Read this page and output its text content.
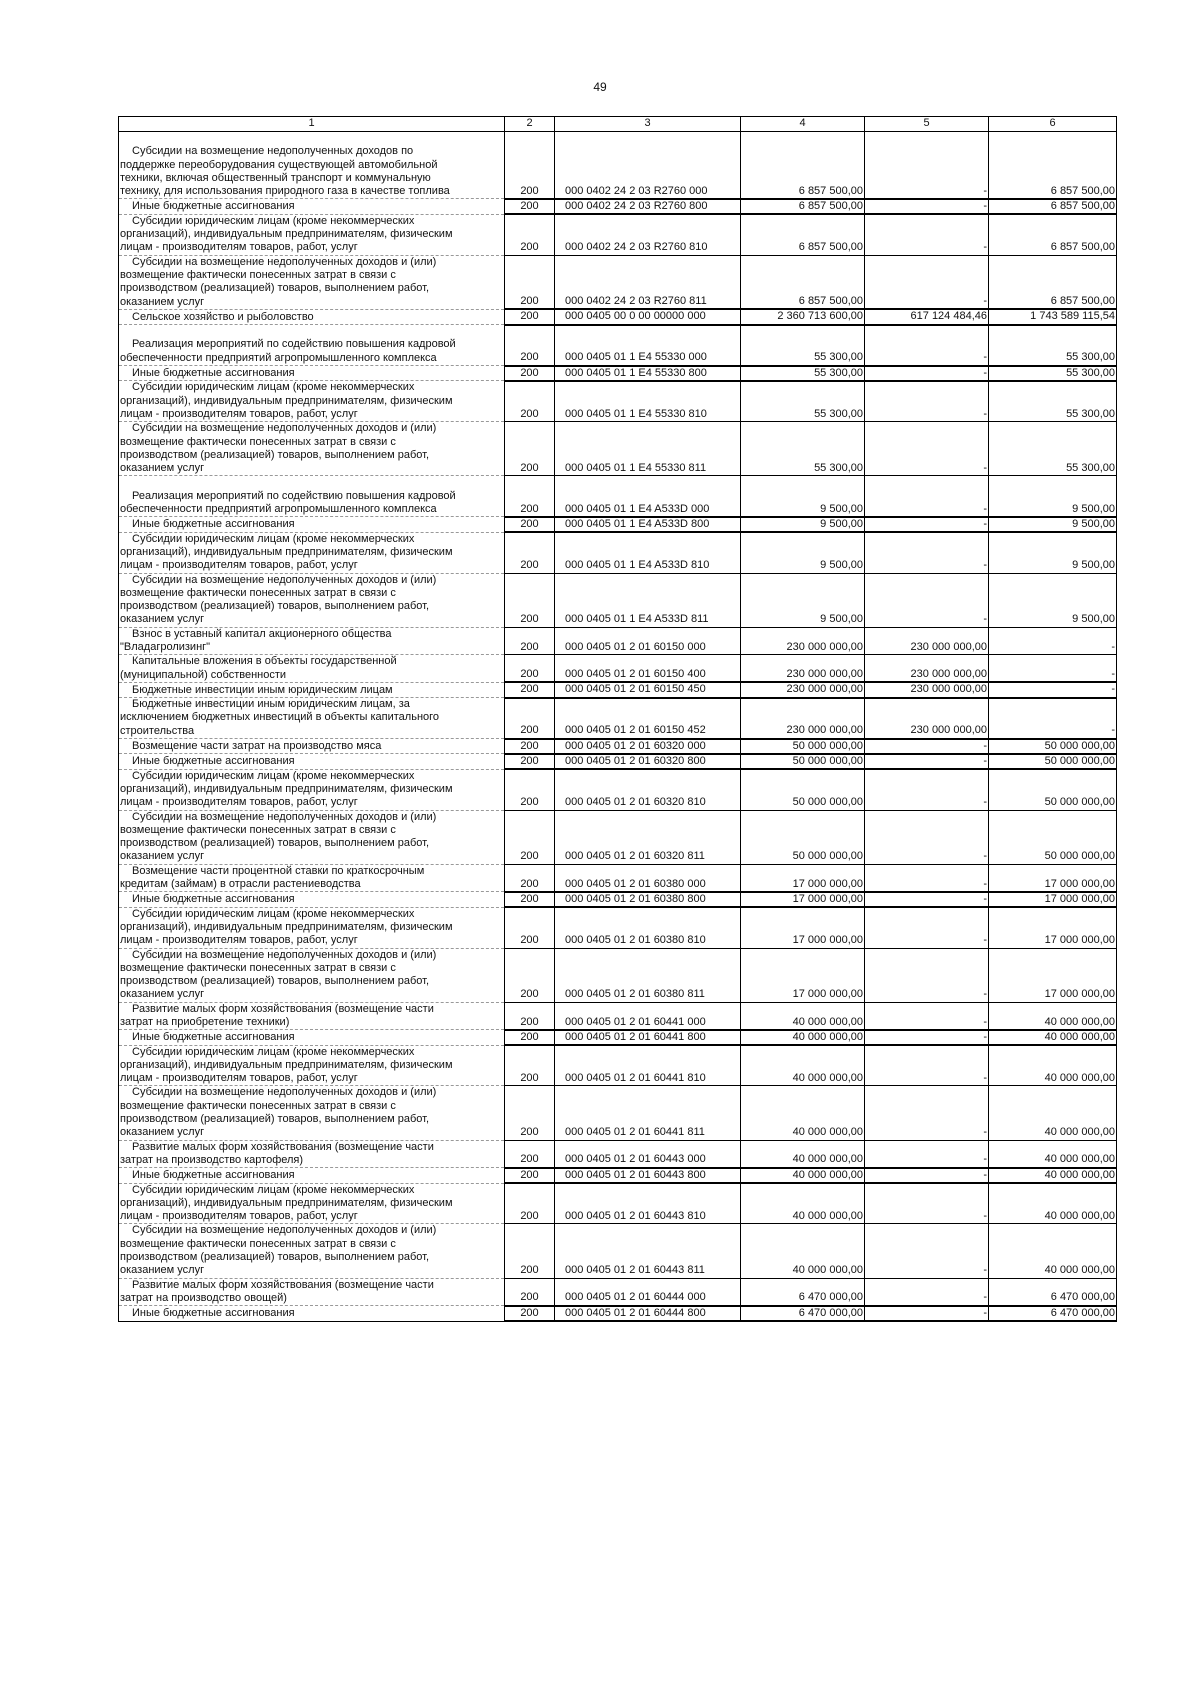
49
1	2	3	4	5	6

Субсидии на возмещение недополученных доходов по
поддержке переоборудования существующей автомобильной
техники, включая общественный транспорт и коммунальную
технику, для использования природного газа в качестве топлива	200	000 0402 24 2 03 R2760 000	6 857 500,00	-	6 857 500,00

Иные бюджетные ассигнования	200	000 0402 24 2 03 R2760 800	6 857 500,00	-	6 857 500,00

Субсидии юридическим лицам (кроме некоммерческих
организаций), индивидуальным предпринимателям, физическим
лицам - производителям товаров, работ, услуг	200	000 0402 24 2 03 R2760 810	6 857 500,00	-	6 857 500,00

Субсидии на возмещение недополученных доходов и (или)
возмещение фактически понесенных затрат в связи с
производством (реализацией) товаров, выполнением работ,
оказанием услуг	200	000 0402 24 2 03 R2760 811	6 857 500,00	-	6 857 500,00

Сельское хозяйство и рыболовство	200	000 0405 00 0 00 00000 000	2 360 713 600,00	617 124 484,46	1 743 589 115,54

Реализация мероприятий по содействию повышения кадровой
обеспеченности предприятий агропромышленного комплекса	200	000 0405 01 1 E4 55330 000	55 300,00	-	55 300,00

Иные бюджетные ассигнования	200	000 0405 01 1 E4 55330 800	55 300,00	-	55 300,00

Субсидии юридическим лицам (кроме некоммерческих
организаций), индивидуальным предпринимателям, физическим
лицам - производителям товаров, работ, услуг	200	000 0405 01 1 E4 55330 810	55 300,00	-	55 300,00

Субсидии на возмещение недополученных доходов и (или)
возмещение фактически понесенных затрат в связи с
производством (реализацией) товаров, выполнением работ,
оказанием услуг	200	000 0405 01 1 E4 55330 811	55 300,00	-	55 300,00

Реализация мероприятий по содействию повышения кадровой
обеспеченности предприятий агропромышленного комплекса	200	000 0405 01 1 E4 A533D 000	9 500,00	-	9 500,00

Иные бюджетные ассигнования	200	000 0405 01 1 E4 A533D 800	9 500,00	-	9 500,00

Субсидии юридическим лицам (кроме некоммерческих
организаций), индивидуальным предпринимателям, физическим
лицам - производителям товаров, работ, услуг	200	000 0405 01 1 E4 A533D 810	9 500,00	-	9 500,00

Субсидии на возмещение недополученных доходов и (или)
возмещение фактически понесенных затрат в связи с
производством (реализацией) товаров, выполнением работ,
оказанием услуг	200	000 0405 01 1 E4 A533D 811	9 500,00	-	9 500,00

Взнос в уставный капитал акционерного общества
"Владагролизинг"	200	000 0405 01 2 01 60150 000	230 000 000,00	230 000 000,00	-

Капитальные вложения в объекты государственной
(муниципальной) собственности	200	000 0405 01 2 01 60150 400	230 000 000,00	230 000 000,00	-

Бюджетные инвестиции иным юридическим лицам	200	000 0405 01 2 01 60150 450	230 000 000,00	230 000 000,00	-

Бюджетные инвестиции иным юридическим лицам, за
исключением бюджетных инвестиций в объекты капитального
строительства	200	000 0405 01 2 01 60150 452	230 000 000,00	230 000 000,00	-

Возмещение части затрат на производство мяса	200	000 0405 01 2 01 60320 000	50 000 000,00	-	50 000 000,00

Иные бюджетные ассигнования	200	000 0405 01 2 01 60320 800	50 000 000,00	-	50 000 000,00

Субсидии юридическим лицам (кроме некоммерческих
организаций), индивидуальным предпринимателям, физическим
лицам - производителям товаров, работ, услуг	200	000 0405 01 2 01 60320 810	50 000 000,00	-	50 000 000,00

Субсидии на возмещение недополученных доходов и (или)
возмещение фактически понесенных затрат в связи с
производством (реализацией) товаров, выполнением работ,
оказанием услуг	200	000 0405 01 2 01 60320 811	50 000 000,00	-	50 000 000,00

Возмещение части процентной ставки по краткосрочным
кредитам (займам) в отрасли растениеводства	200	000 0405 01 2 01 60380 000	17 000 000,00	-	17 000 000,00

Иные бюджетные ассигнования	200	000 0405 01 2 01 60380 800	17 000 000,00	-	17 000 000,00

Субсидии юридическим лицам (кроме некоммерческих
организаций), индивидуальным предпринимателям, физическим
лицам - производителям товаров, работ, услуг	200	000 0405 01 2 01 60380 810	17 000 000,00	-	17 000 000,00

Субсидии на возмещение недополученных доходов и (или)
возмещение фактически понесенных затрат в связи с
производством (реализацией) товаров, выполнением работ,
оказанием услуг	200	000 0405 01 2 01 60380 811	17 000 000,00	-	17 000 000,00

Развитие малых форм хозяйствования (возмещение части
затрат на приобретение техники)	200	000 0405 01 2 01 60441 000	40 000 000,00	-	40 000 000,00

Иные бюджетные ассигнования	200	000 0405 01 2 01 60441 800	40 000 000,00	-	40 000 000,00

Субсидии юридическим лицам (кроме некоммерческих
организаций), индивидуальным предпринимателям, физическим
лицам - производителям товаров, работ, услуг	200	000 0405 01 2 01 60441 810	40 000 000,00	-	40 000 000,00

Субсидии на возмещение недополученных доходов и (или)
возмещение фактически понесенных затрат в связи с
производством (реализацией) товаров, выполнением работ,
оказанием услуг	200	000 0405 01 2 01 60441 811	40 000 000,00	-	40 000 000,00

Развитие малых форм хозяйствования (возмещение части
затрат на производство картофеля)	200	000 0405 01 2 01 60443 000	40 000 000,00	-	40 000 000,00

Иные бюджетные ассигнования	200	000 0405 01 2 01 60443 800	40 000 000,00	-	40 000 000,00

Субсидии юридическим лицам (кроме некоммерческих
организаций), индивидуальным предпринимателям, физическим
лицам - производителям товаров, работ, услуг	200	000 0405 01 2 01 60443 810	40 000 000,00	-	40 000 000,00

Субсидии на возмещение недополученных доходов и (или)
возмещение фактически понесенных затрат в связи с
производством (реализацией) товаров, выполнением работ,
оказанием услуг	200	000 0405 01 2 01 60443 811	40 000 000,00	-	40 000 000,00

Развитие малых форм хозяйствования (возмещение части
затрат на производство овощей)	200	000 0405 01 2 01 60444 000	6 470 000,00	-	6 470 000,00

Иные бюджетные ассигнования	200	000 0405 01 2 01 60444 800	6 470 000,00	-	6 470 000,00
